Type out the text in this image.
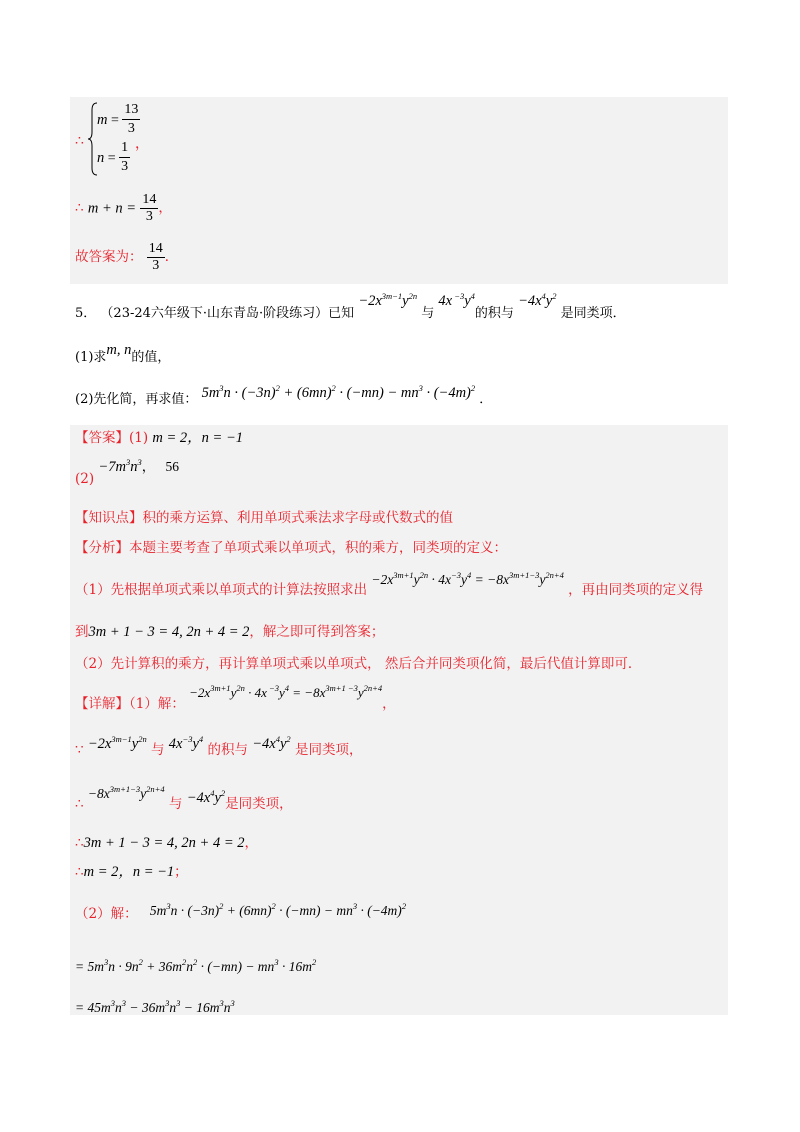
∴
$m = \frac{13}{3}$
$n = \frac{1}{3}$ ，
∴ $m + n = \frac{14}{3}$ ，
故答案为： $\frac{14}{3}$ ．
5． （23-24六年级下·山东青岛·阶段练习）已知 $-2x^{3m-1}y^{2n}$ 与 4x $^{-3}y^4$的积与 $-4x^4y^2$ 是同类项．
(1)求m, n的值，
(2)先化简，再求值： $5m^3n \cdot (-3n)^2 + (6mn)^2 \cdot (-mn) - mn^3 \cdot (-4m)^2$ ．
【答案】(1) m = 2，n = −1
$(2) -7m^3n^3$， 56
【知识点】积的乘方运算、利用单项式乘法求字母或代数式的值
【分析】本题主要考查了单项式乘以单项式，积的乘方，同类项的定义：
（1）先根据单项式乘以单项式的计算法按照求出 $-2x^{3m+1}y^{2n} \cdot 4x^{-3}y^4 = -8x^{3m+1-3}y^{2n+4}$ ，再由同类项的定义得
到3m + 1 − 3 = 4, 2n + 4 = 2，解之即可得到答案；
（2）先计算积的乘方，再计算单项式乘以单项式， 然后合并同类项化简，最后代值计算即可．
【详解】（1）解： $-2x^{3m+1}y^{2n} \cdot 4x$ $^{-3}y^4 = -8x^{3m+1 -3}y^{2n+4}$，
∵ $-2x^{3m-1}y^{2n}$ 与 $4x^{-3}y^4$ 的积与 $-4x^4y^2$ 是同类项，
∴ $-8x^{3m+1-3}y^{2n+4}$ 与 $-4x^4y^2$是同类项，
∴3m + 1 − 3 = 4, 2n + 4 = 2，
∴m = 2，n = −1；
（2）解： $5m^3n \cdot (-3n)^2 + (6mn)^2 \cdot (-mn) - mn^3 \cdot (-4m)^2$
= $5m^3n \cdot 9n^2 + 36m^2n^2 \cdot (-mn) - mn^3 \cdot 16m^2$
= $45m^3n^3 - 36m^3n^3 - 16m^3n^3$
